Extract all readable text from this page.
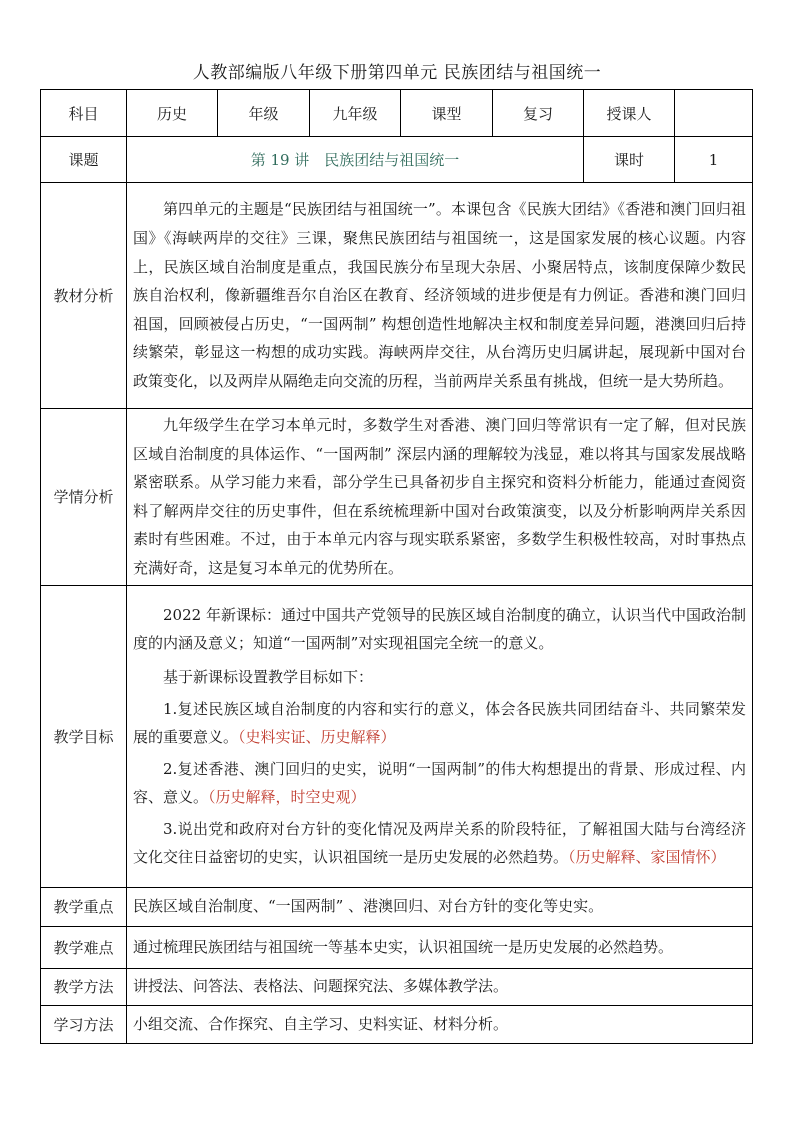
人教部编版八年级下册第四单元 民族团结与祖国统一
科目	历史	年级	九年级	课型	复习	授课人	
课题	第 19 讲　民族团结与祖国统一					课时	1
教材分析	第四单元的主题是“民族团结与祖国统一”。本课包含《民族大团结》《香港和澳门回归祖国》《海峡两岸的交往》三课，聚焦民族团结与祖国统一，这是国家发展的核心议题。内容上，民族区域自治制度是重点，我国民族分布呈现大杂居、小聚居特点，该制度保障少数民族自治权利，像新疆维吾尔自治区在教育、经济领域的进步便是有力例证。香港和澳门回归祖国，回顾被侵占历史，“一国两制” 构想创造性地解决主权和制度差异问题，港澳回归后持续繁荣，彰显这一构想的成功实践。海峡两岸交往，从台湾历史归属讲起，展现新中国对台政策变化，以及两岸从隔绝走向交流的历程，当前两岸关系虽有挑战，但统一是大势所趋。						

学情分析	九年级学生在学习本单元时，多数学生对香港、澳门回归等常识有一定了解，但对民族区域自治制度的具体运作、“一国两制” 深层内涵的理解较为浅显，难以将其与国家发展战略紧密联系。从学习能力来看，部分学生已具备初步自主探究和资料分析能力，能通过查阅资料了解两岸交往的历史事件，但在系统梳理新中国对台政策演变，以及分析影响两岸关系因素时有些困难。不过，由于本单元内容与现实联系紧密，多数学生积极性较高，对时事热点充满好奇，这是复习本单元的优势所在。						

教学目标	2022 年新课标：通过中国共产党领导的民族区域自治制度的确立，认识当代中国政治制度的内涵及意义；知道“一国两制”对实现祖国完全统一的意义。

基于新课标设置教学目标如下：

1.复述民族区域自治制度的内容和实行的意义，体会各民族共同团结奋斗、共同繁荣发展的重要意义。（史料实证、历史解释）

2.复述香港、澳门回归的史实，说明“一国两制”的伟大构想提出的背景、形成过程、内容、意义。（历史解释，时空史观）

3.说出党和政府对台方针的变化情况及两岸关系的阶段特征，了解祖国大陆与台湾经济文化交往日益密切的史实，认识祖国统一是历史发展的必然趋势。（历史解释、家国情怀）						

教学重点	民族区域自治制度、“一国两制” 、港澳回归、对台方针的变化等史实。						
教学难点	通过梳理民族团结与祖国统一等基本史实，认识祖国统一是历史发展的必然趋势。						
教学方法	讲授法、问答法、表格法、问题探究法、多媒体教学法。						
学习方法	小组交流、合作探究、自主学习、史料实证、材料分析。						
